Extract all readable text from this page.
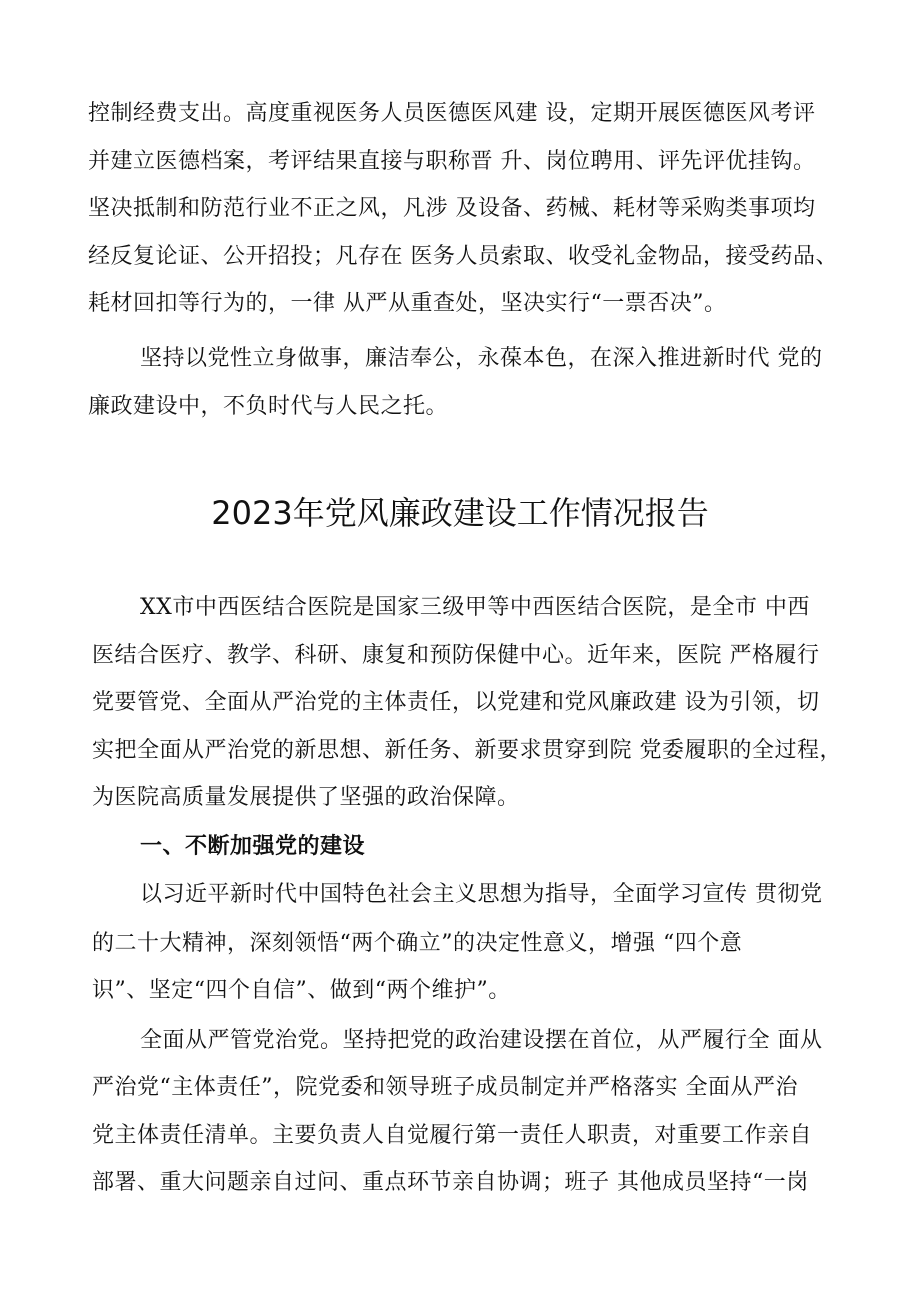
控制经费支出。高度重视医务人员医德医风建 设，定期开展医德医风考评
并建立医德档案，考评结果直接与职称晋 升、岗位聘用、评先评优挂钩。
坚决抵制和防范行业不正之风，凡涉 及设备、药械、耗材等采购类事项均
经反复论证、公开招投；凡存在 医务人员索取、收受礼金物品，接受药品、
耗材回扣等行为的，一律 从严从重查处，坚决实行“一票否决”。
坚持以党性立身做事，廉洁奉公，永葆本色，在深入推进新时代 党的
廉政建设中，不负时代与人民之托。
2023年党风廉政建设工作情况报告
XX市中西医结合医院是国家三级甲等中西医结合医院，是全市 中西
医结合医疗、教学、科研、康复和预防保健中心。近年来，医院 严格履行
党要管党、全面从严治党的主体责任，以党建和党风廉政建 设为引领，切
实把全面从严治党的新思想、新任务、新要求贯穿到院 党委履职的全过程，
为医院高质量发展提供了坚强的政治保障。
一、不断加强党的建设
以习近平新时代中国特色社会主义思想为指导，全面学习宣传 贯彻党
的二十大精神，深刻领悟“两个确立”的决定性意义，增强 “四个意
识”、坚定“四个自信”、做到“两个维护”。
全面从严管党治党。坚持把党的政治建设摆在首位，从严履行全 面从
严治党“主体责任”，院党委和领导班子成员制定并严格落实 全面从严治
党主体责任清单。主要负责人自觉履行第一责任人职责，对重要工作亲自
部署、重大问题亲自过问、重点环节亲自协调；班子 其他成员坚持“一岗
